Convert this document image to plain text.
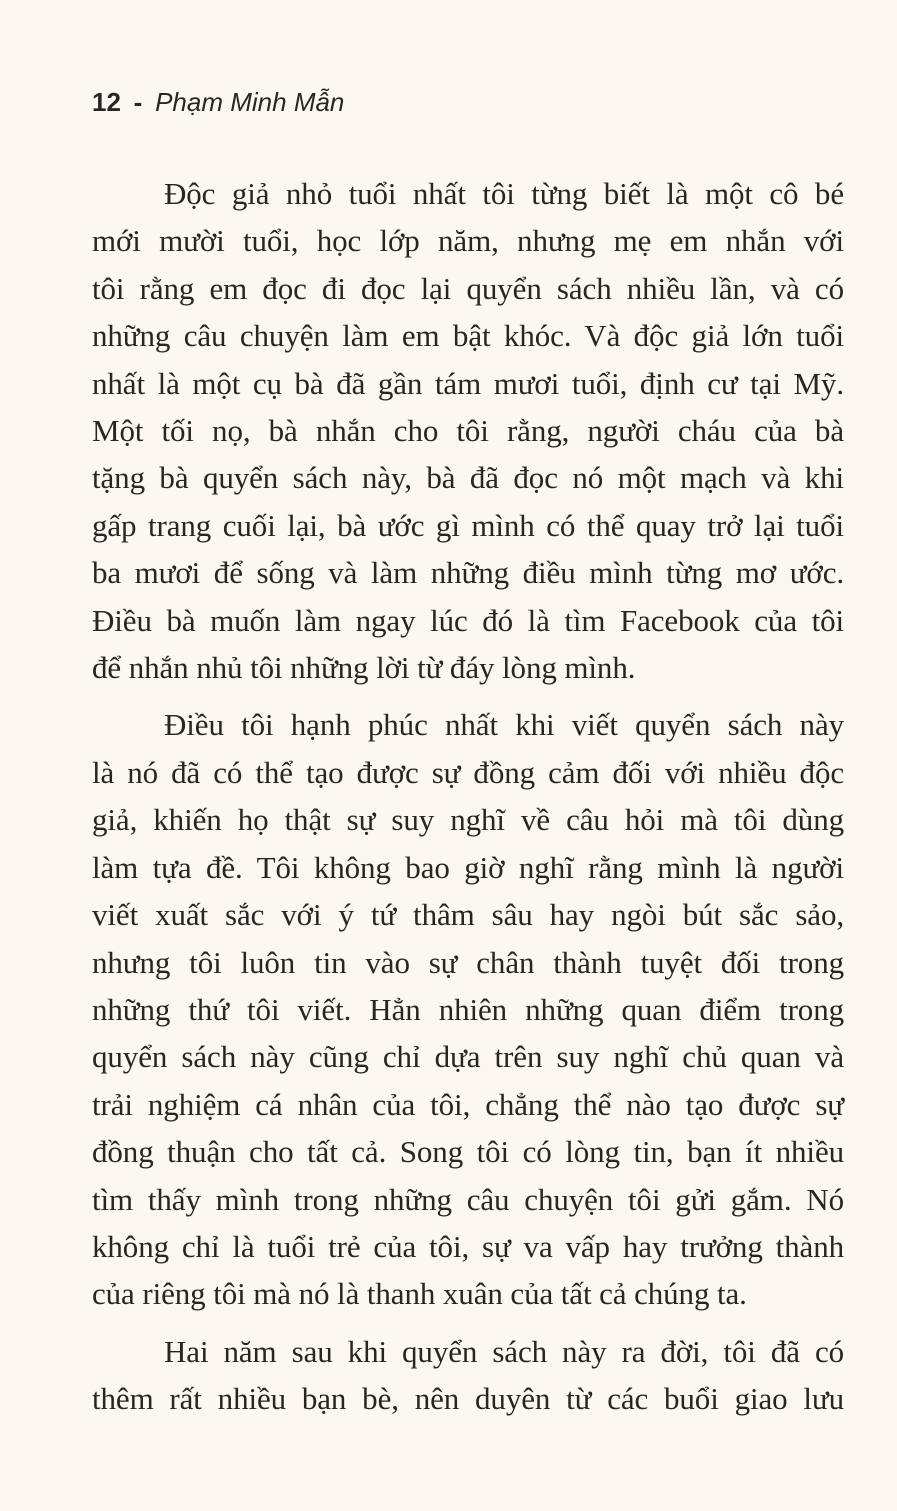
12 - Phạm Minh Mẫn

Độc giả nhỏ tuổi nhất tôi từng biết là một cô bé
mới mười tuổi, học lớp năm, nhưng mẹ em nhắn với
tôi rằng em đọc đi đọc lại quyển sách nhiều lần, và có
những câu chuyện làm em bật khóc. Và độc giả lớn tuổi
nhất là một cụ bà đã gần tám mươi tuổi, định cư tại Mỹ.
Một tối nọ, bà nhắn cho tôi rằng, người cháu của bà
tặng bà quyển sách này, bà đã đọc nó một mạch và khi
gấp trang cuối lại, bà ước gì mình có thể quay trở lại tuổi
ba mươi để sống và làm những điều mình từng mơ ước.
Điều bà muốn làm ngay lúc đó là tìm Facebook của tôi
để nhắn nhủ tôi những lời từ đáy lòng mình.

Điều tôi hạnh phúc nhất khi viết quyển sách này
là nó đã có thể tạo được sự đồng cảm đối với nhiều độc
giả, khiến họ thật sự suy nghĩ về câu hỏi mà tôi dùng
làm tựa đề. Tôi không bao giờ nghĩ rằng mình là người
viết xuất sắc với ý tứ thâm sâu hay ngòi bút sắc sảo,
nhưng tôi luôn tin vào sự chân thành tuyệt đối trong
những thứ tôi viết. Hẳn nhiên những quan điểm trong
quyển sách này cũng chỉ dựa trên suy nghĩ chủ quan và
trải nghiệm cá nhân của tôi, chẳng thể nào tạo được sự
đồng thuận cho tất cả. Song tôi có lòng tin, bạn ít nhiều
tìm thấy mình trong những câu chuyện tôi gửi gắm. Nó
không chỉ là tuổi trẻ của tôi, sự va vấp hay trưởng thành
của riêng tôi mà nó là thanh xuân của tất cả chúng ta.

Hai năm sau khi quyển sách này ra đời, tôi đã có
thêm rất nhiều bạn bè, nên duyên từ các buổi giao lưu
